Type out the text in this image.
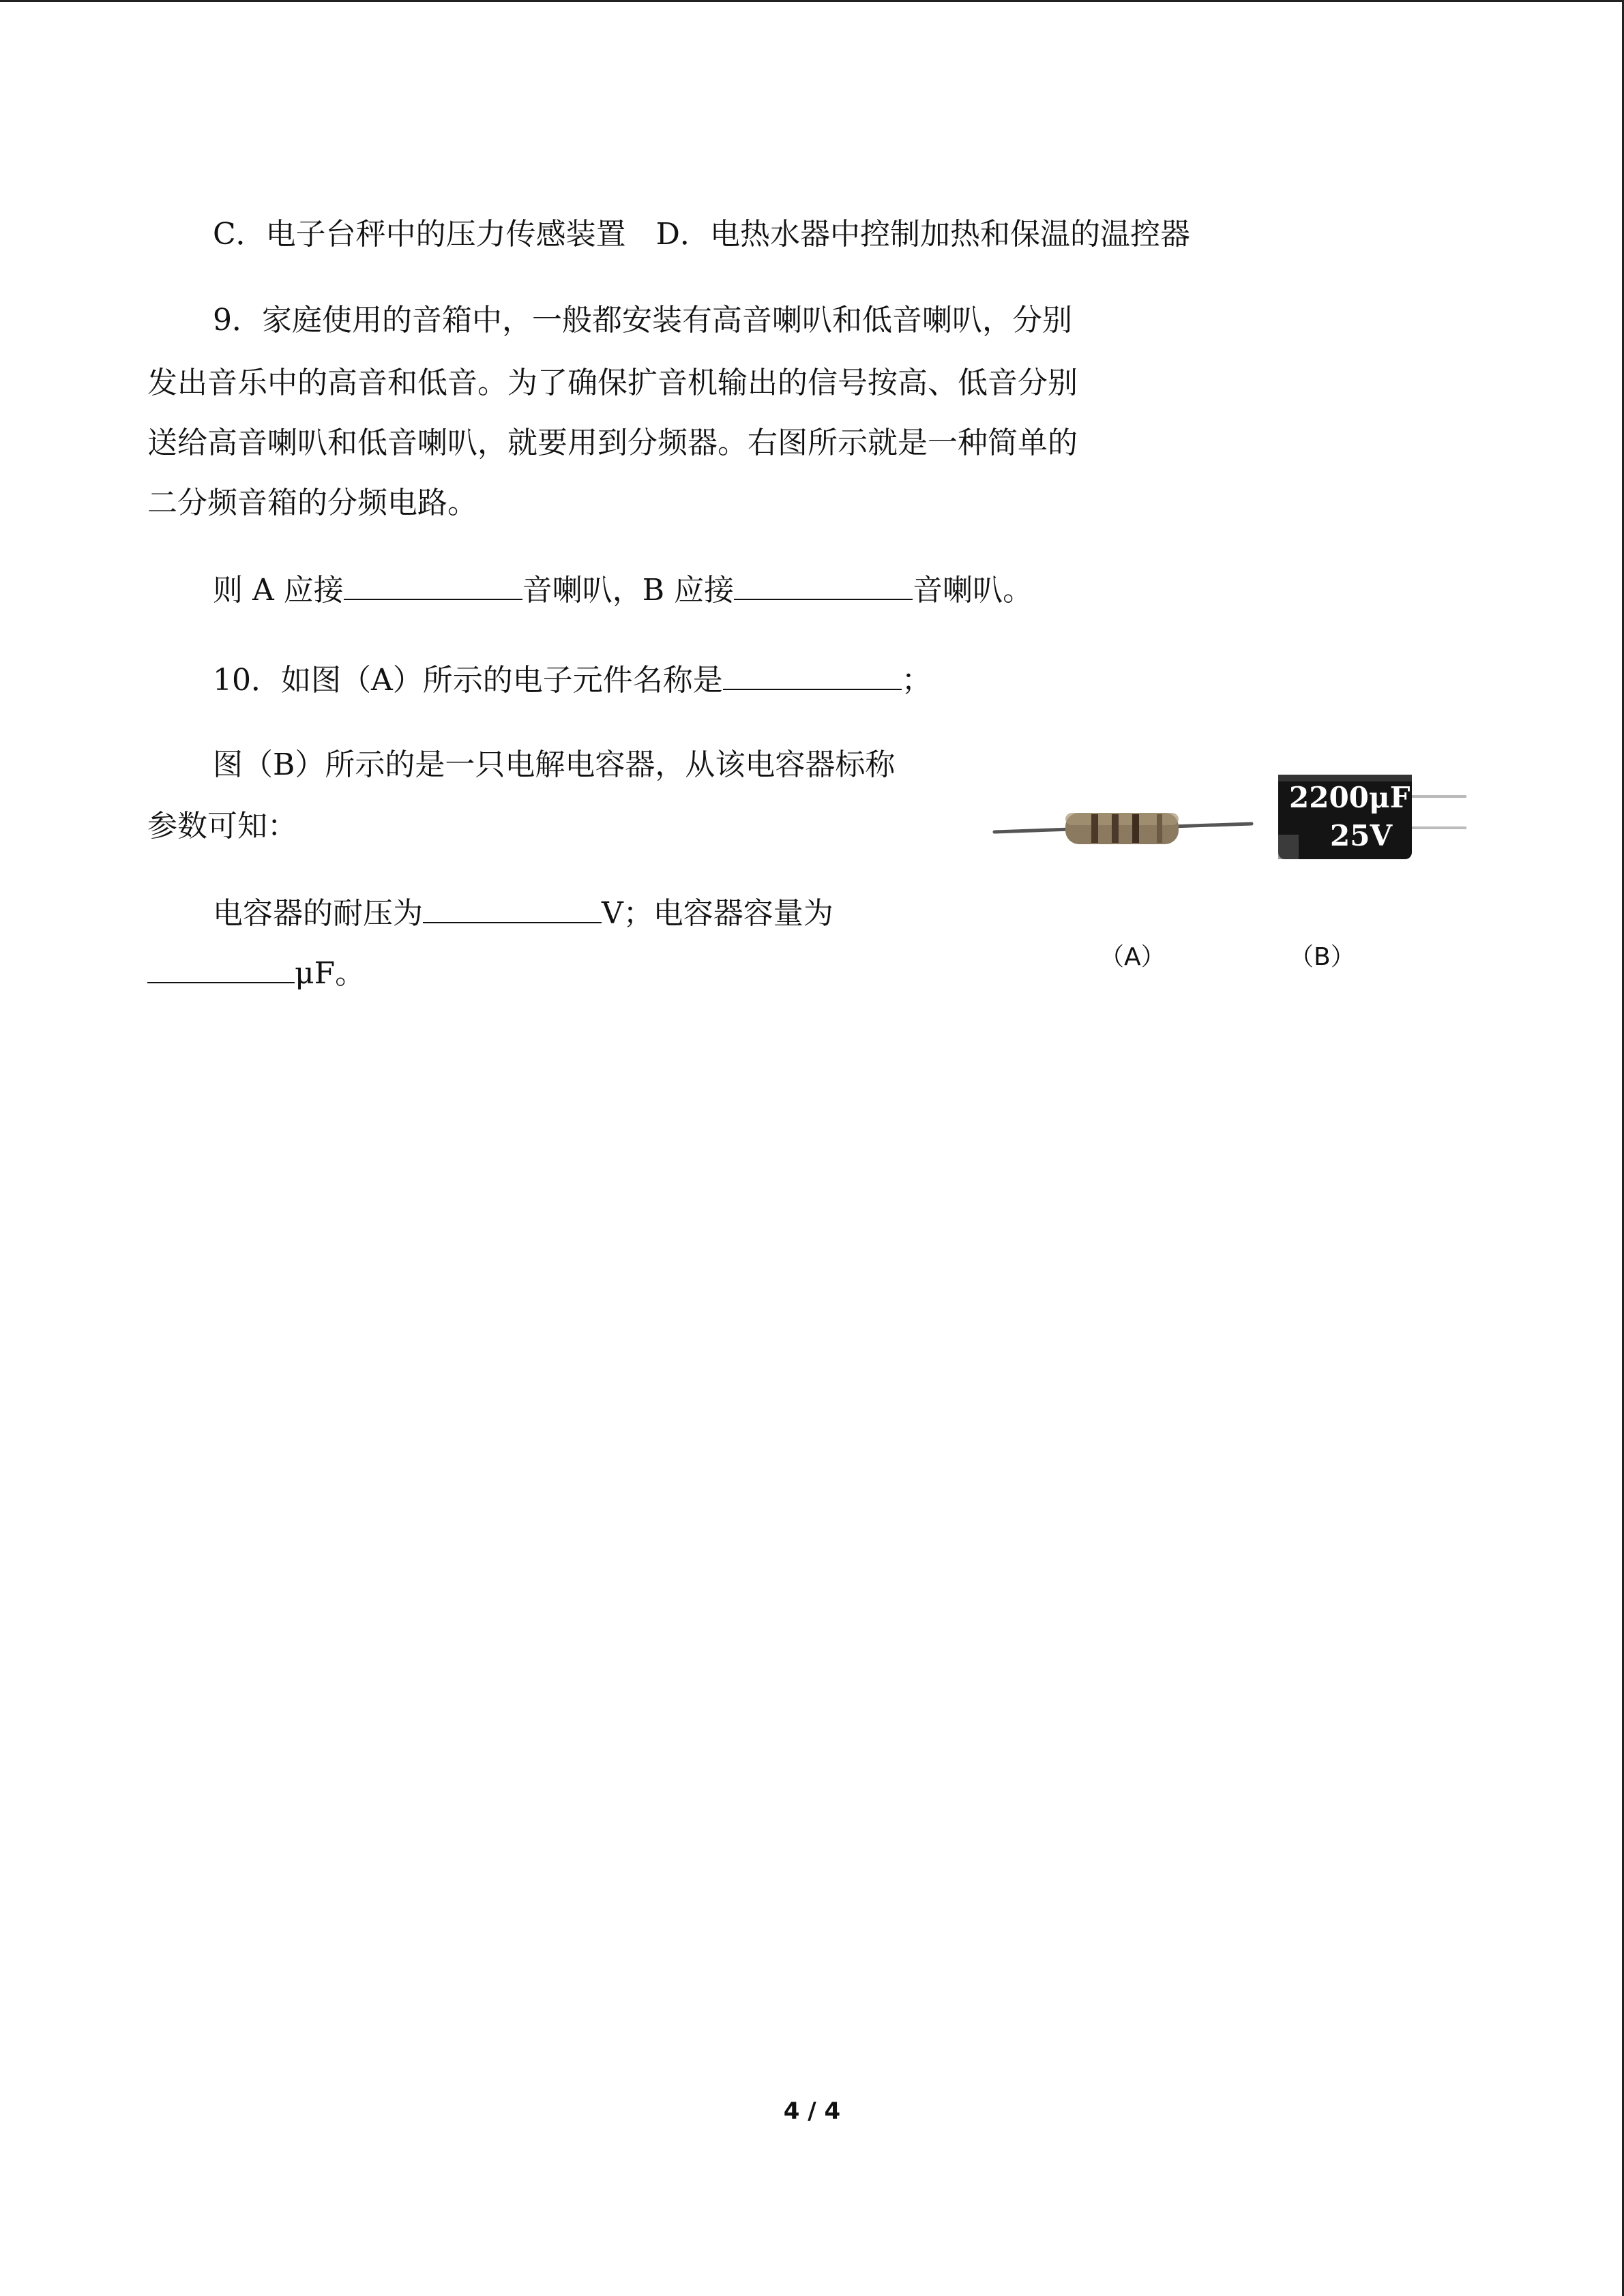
C．电子台秤中的压力传感装置　D．电热水器中控制加热和保温的温控器
9．家庭使用的音箱中，一般都安装有高音喇叭和低音喇叭，分别
发出音乐中的高音和低音。为了确保扩音机输出的信号按高、低音分别
送给高音喇叭和低音喇叭，就要用到分频器。右图所示就是一种简单的
二分频音箱的分频电路。
则 A 应接	音喇叭，B 应接	音喇叭。
10．如图（A）所示的电子元件名称是	；
图（B）所示的是一只电解电容器，从该电容器标称
参数可知：
电容器的耐压为	V；电容器容量为
μF。
2200μF
25V
（A）	（B）
4 / 4
